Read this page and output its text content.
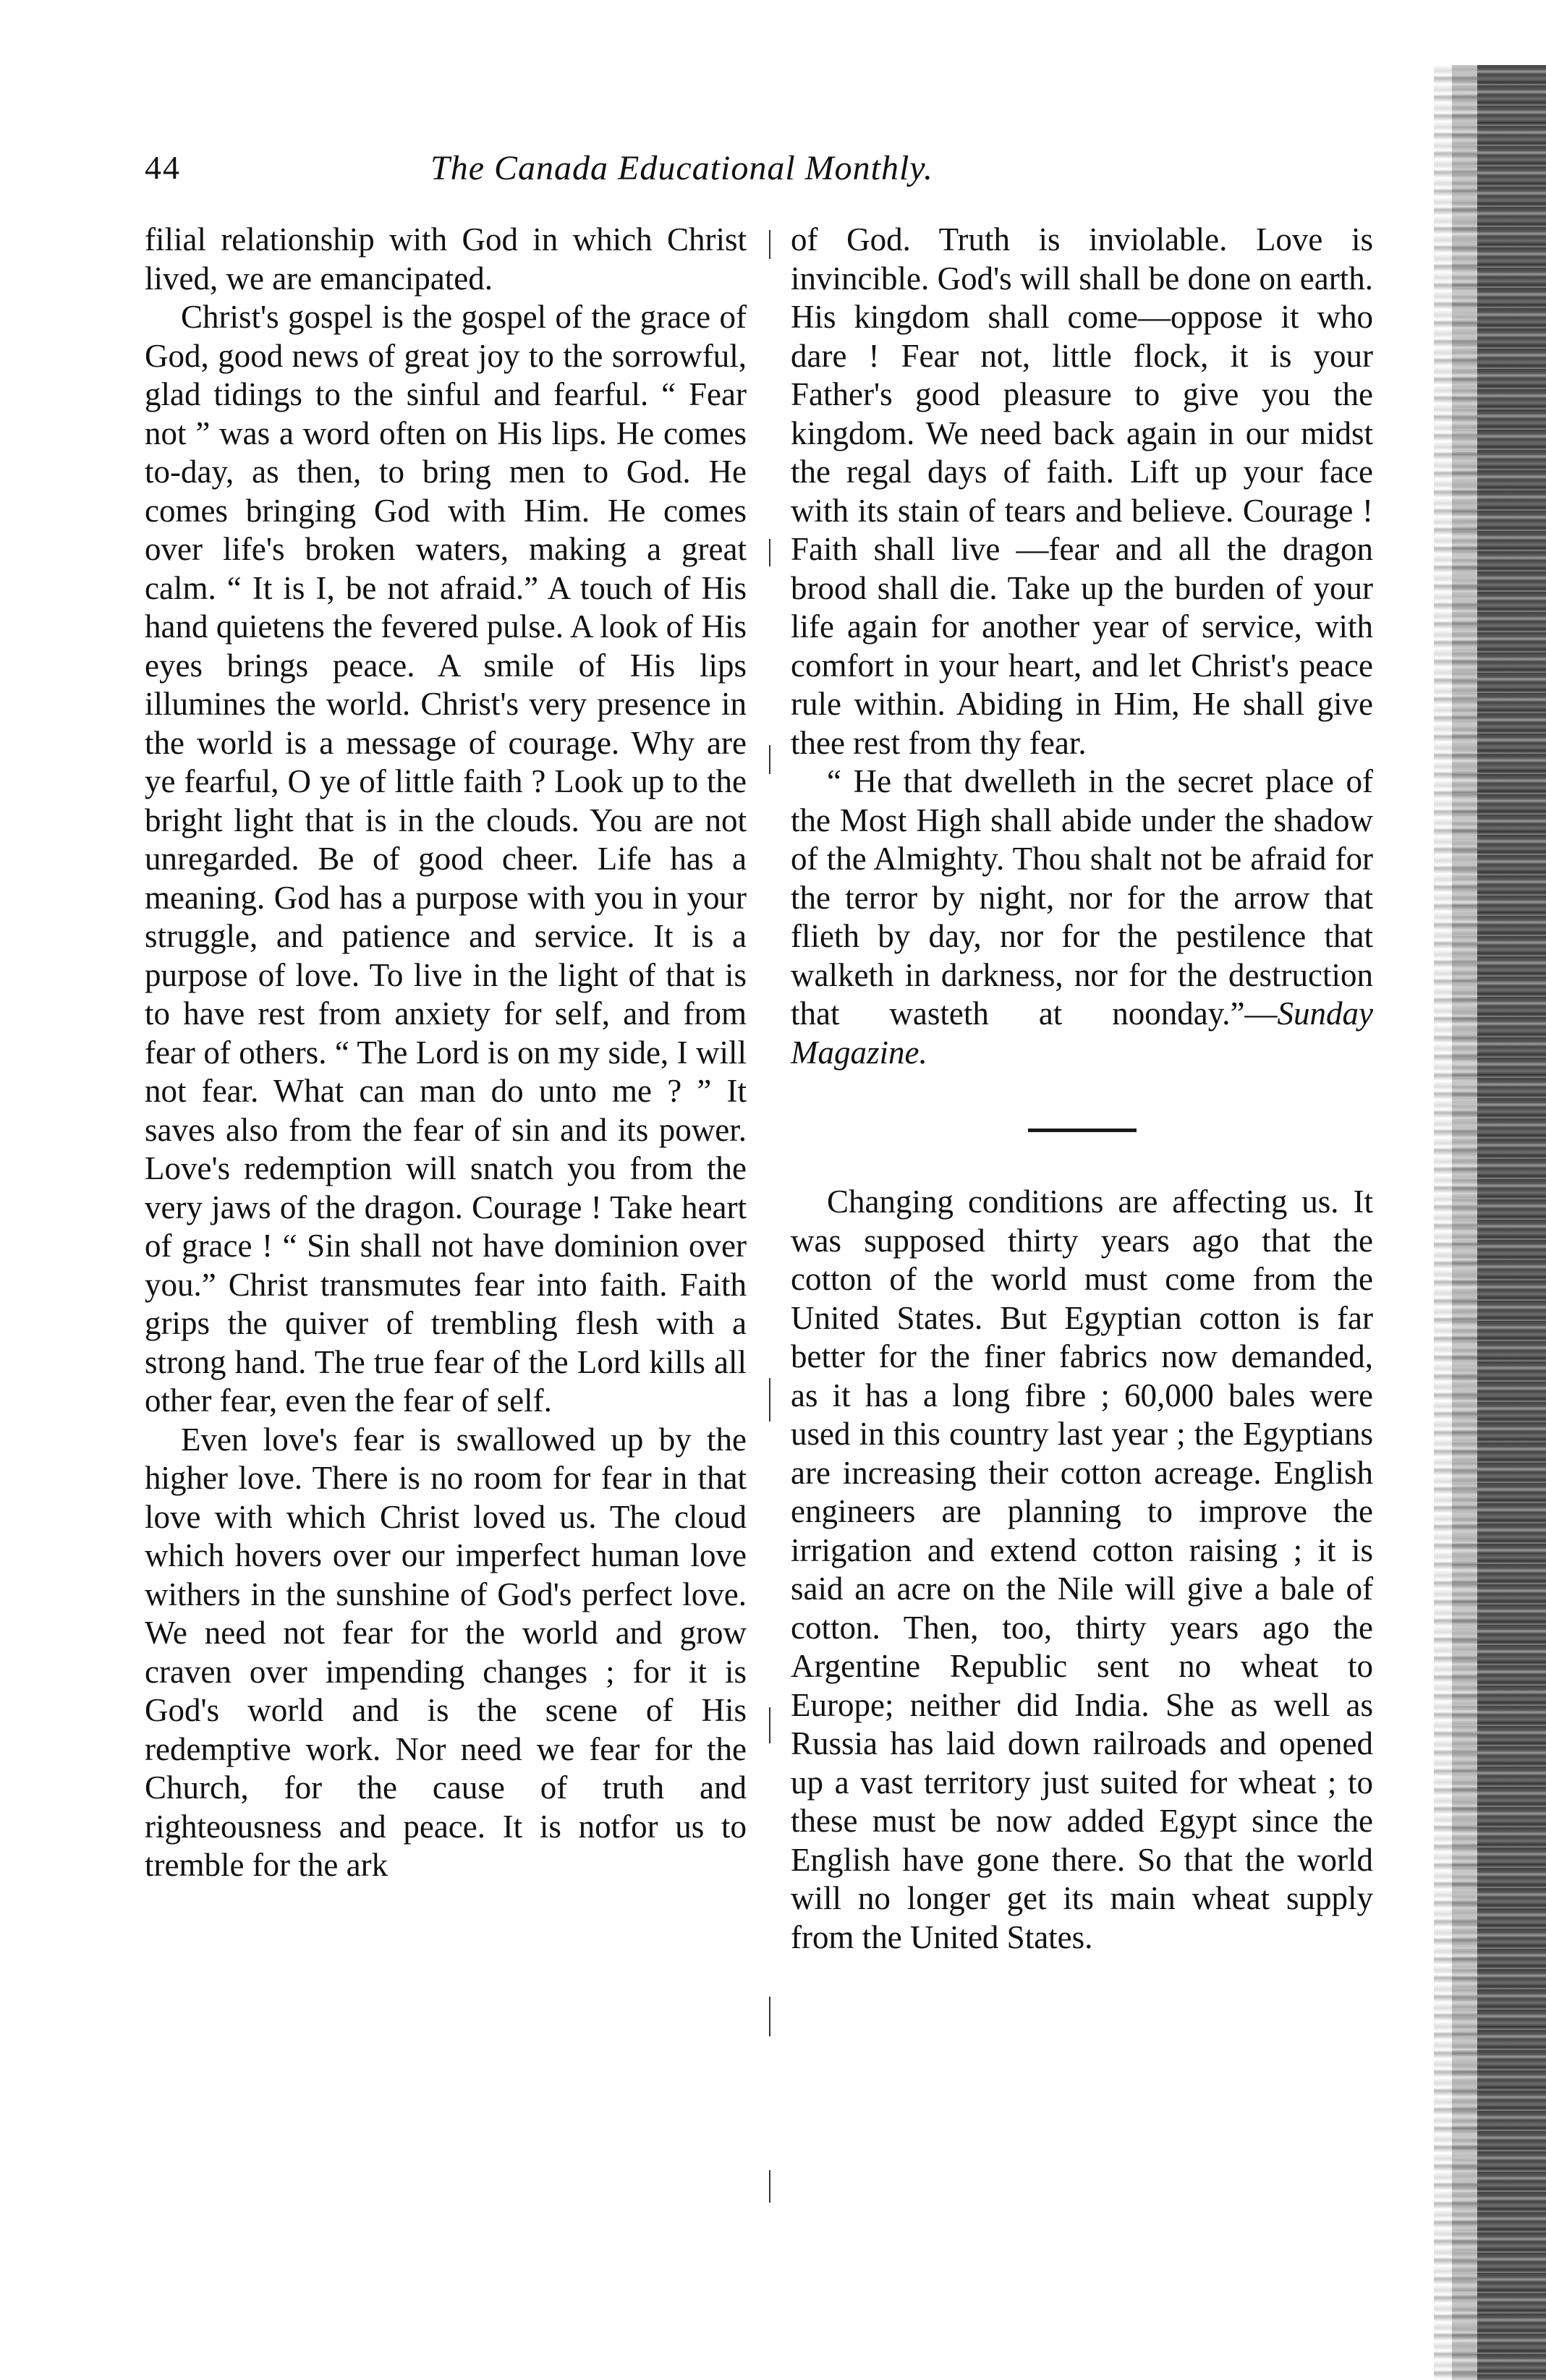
44	The Canada Educational Monthly.

filial relationship with God in which Christ lived, we are emancipated.

Christ's gospel is the gospel of the grace of God, good news of great joy to the sorrowful, glad tidings to the sinful and fearful. “ Fear not ” was a word often on His lips. He comes to-day, as then, to bring men to God. He comes bringing God with Him. He comes over life's broken waters, making a great calm. “ It is I, be not afraid.” A touch of His hand quietens the fevered pulse. A look of His eyes brings peace. A smile of His lips illumines the world. Christ's very presence in the world is a message of courage. Why are ye fearful, O ye of little faith ? Look up to the bright light that is in the clouds. You are not unregarded. Be of good cheer. Life has a meaning. God has a purpose with you in your struggle, and patience and service. It is a purpose of love. To live in the light of that is to have rest from anxiety for self, and from fear of others. “ The Lord is on my side, I will not fear. What can man do unto me ? ” It saves also from the fear of sin and its power. Love's redemption will snatch you from the very jaws of the dragon. Courage ! Take heart of grace ! “ Sin shall not have dominion over you.” Christ transmutes fear into faith. Faith grips the quiver of trembling flesh with a strong hand. The true fear of the Lord kills all other fear, even the fear of self.

Even love's fear is swallowed up by the higher love. There is no room for fear in that love with which Christ loved us. The cloud which hovers over our imperfect human love withers in the sunshine of God's perfect love. We need not fear for the world and grow craven over impending changes ; for it is God's world and is the scene of His redemptive work. Nor need we fear for the Church, for the cause of truth and righteousness and peace. It is notfor us to tremble for the ark

of God. Truth is inviolable. Love is invincible. God's will shall be done on earth. His kingdom shall come—oppose it who dare ! Fear not, little flock, it is your Father's good pleasure to give you the kingdom. We need back again in our midst the regal days of faith. Lift up your face with its stain of tears and believe. Courage ! Faith shall live —fear and all the dragon brood shall die. Take up the burden of your life again for another year of service, with comfort in your heart, and let Christ's peace rule within. Abiding in Him, He shall give thee rest from thy fear.

“ He that dwelleth in the secret place of the Most High shall abide under the shadow of the Almighty. Thou shalt not be afraid for the terror by night, nor for the arrow that flieth by day, nor for the pestilence that walketh in darkness, nor for the destruction that wasteth at noonday.”—Sunday Magazine.

Changing conditions are affecting us. It was supposed thirty years ago that the cotton of the world must come from the United States. But Egyptian cotton is far better for the finer fabrics now demanded, as it has a long fibre ; 60,000 bales were used in this country last year ; the Egyptians are increasing their cotton acreage. English engineers are planning to improve the irrigation and extend cotton raising ; it is said an acre on the Nile will give a bale of cotton. Then, too, thirty years ago the Argentine Republic sent no wheat to Europe; neither did India. She as well as Russia has laid down railroads and opened up a vast territory just suited for wheat ; to these must be now added Egypt since the English have gone there. So that the world will no longer get its main wheat supply from the United States.
